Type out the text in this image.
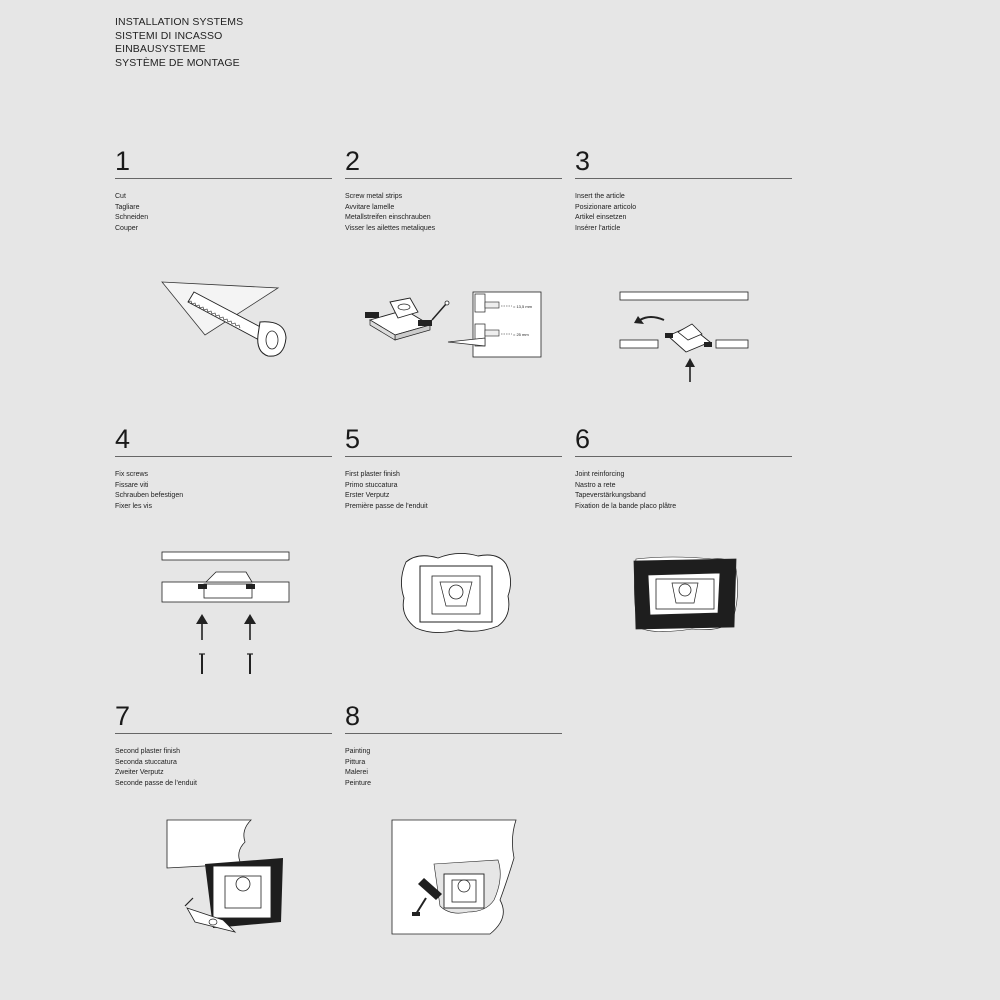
INSTALLATION SYSTEMS
SISTEMI DI INCASSO
EINBAUSYSTEME
SYSTÈME DE MONTAGE
1
Cut
Tagliare
Schneiden
Couper
2
Screw metal strips
Avvitare lamelle
Metallstreifen einschrauben
Visser les ailettes metaliques
3
Insert the article
Posizionare articolo
Artikel einsetzen
Insérer l'article
4
Fix screws
Fissare viti
Schrauben befestigen
Fixer les vis
5
First plaster finish
Primo stuccatura
Erster Verputz
Première passe de l'enduit
6
Joint reinforcing
Nastro a rete
Tapeverstärkungsband
Fixation de la bande placo plâtre
7
Second plaster finish
Seconda stuccatura
Zweiter Verputz
Seconde passe de l'enduit
8
Painting
Pittura
Malerei
Peinture
= 13,5 mm
= 25 mm
